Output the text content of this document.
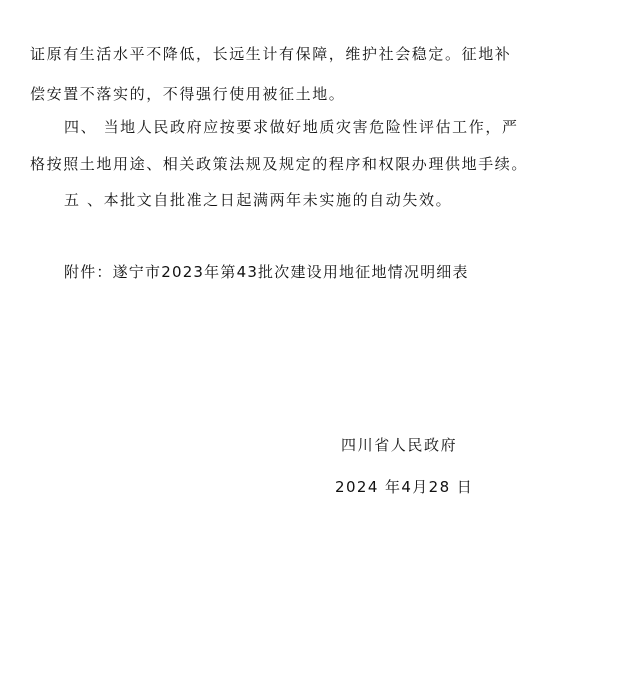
证原有生活水平不降低，长远生计有保障，维护社会稳定。征地补
偿安置不落实的，不得强行使用被征土地。
四、 当地人民政府应按要求做好地质灾害危险性评估工作，严
格按照土地用途、相关政策法规及规定的程序和权限办理供地手续。
五 、本批文自批准之日起满两年未实施的自动失效。
附件：遂宁市2023年第43批次建设用地征地情况明细表
四川省人民政府
2024 年4月28 日
